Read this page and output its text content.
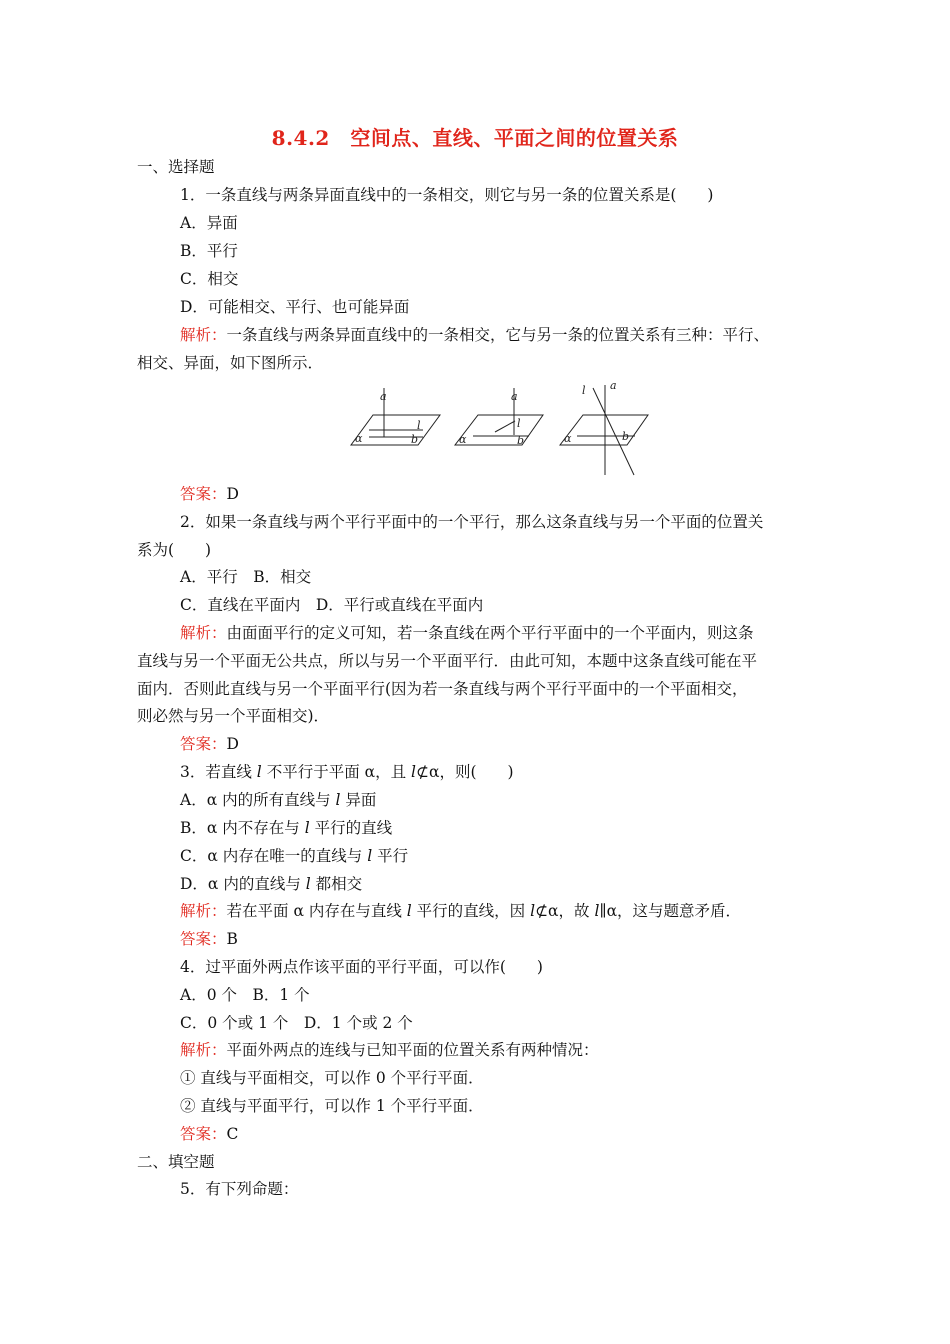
8.4.2　空间点、直线、平面之间的位置关系
一、选择题
1．一条直线与两条异面直线中的一条相交，则它与另一条的位置关系是(　　)
A．异面
B．平行
C．相交
D．可能相交、平行、也可能异面
解析：一条直线与两条异面直线中的一条相交，它与另一条的位置关系有三种：平行、
相交、异面，如下图所示．
a
l
b
α
a
l
b
α
l a
b
α
答案：D
2．如果一条直线与两个平行平面中的一个平行，那么这条直线与另一个平面的位置关
系为(　　)
A．平行　B．相交
C．直线在平面内　D．平行或直线在平面内
解析：由面面平行的定义可知，若一条直线在两个平行平面中的一个平面内，则这条
直线与另一个平面无公共点，所以与另一个平面平行．由此可知，本题中这条直线可能在平
面内．否则此直线与另一个平面平行(因为若一条直线与两个平行平面中的一个平面相交，
则必然与另一个平面相交)．
答案：D
3．若直线 l 不平行于平面 α，且 l⊄α，则(　　)
A．α 内的所有直线与 l 异面
B．α 内不存在与 l 平行的直线
C．α 内存在唯一的直线与 l 平行
D．α 内的直线与 l 都相交
解析：若在平面 α 内存在与直线 l 平行的直线，因 l⊄α，故 l∥α，这与题意矛盾．
答案：B
4．过平面外两点作该平面的平行平面，可以作(　　)
A．0 个　B．1 个
C．0 个或 1 个　D．1 个或 2 个
解析：平面外两点的连线与已知平面的位置关系有两种情况：
① 直线与平面相交，可以作 0 个平行平面．
② 直线与平面平行，可以作 1 个平行平面．
答案：C
二、填空题
5．有下列命题：
